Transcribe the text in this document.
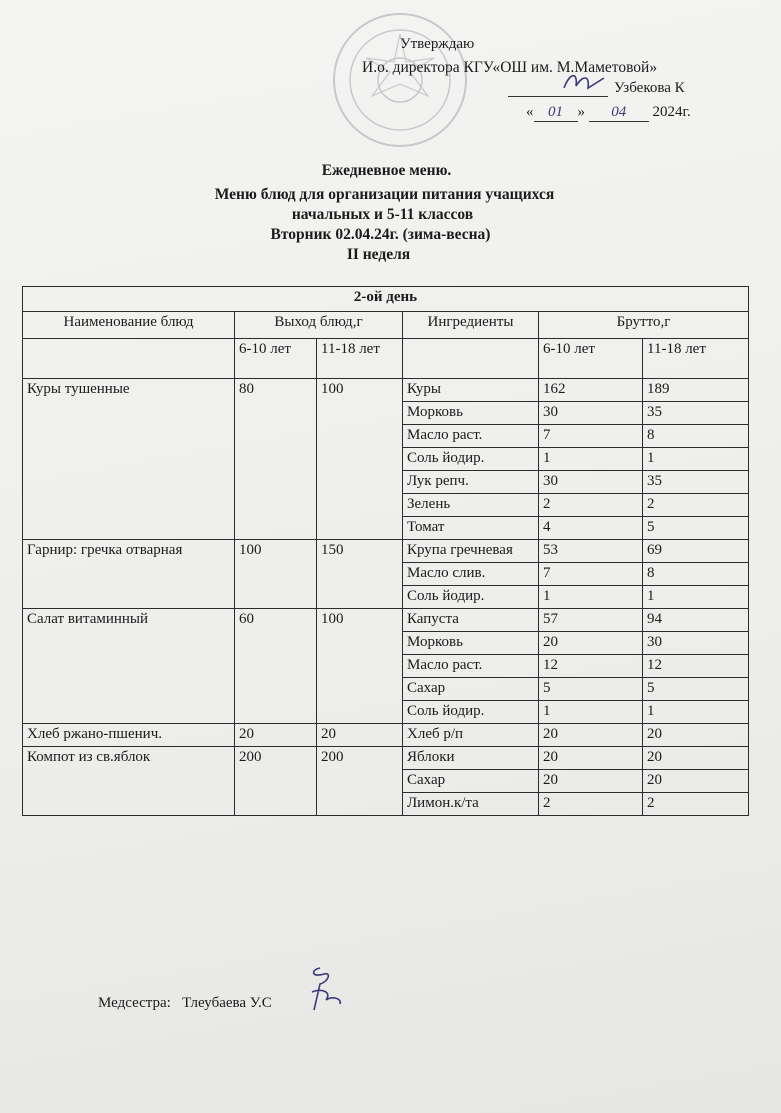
Утверждаю
И.о. директора КГУ«ОШ им. М.Маметовой»
Узбекова К
« 01 » 04 2024г.
Ежедневное меню.
Меню блюд для организации питания учащихся
начальных и 5-11 классов
Вторник 02.04.24г. (зима-весна)
II неделя
2-ой день					
Наименование блюд	Выход блюд,г		Ингредиенты	Брутто,г	
	6-10 лет	11-18 лет		6-10 лет	11-18 лет
Куры тушенные	80	100	Куры	162	189
			Морковь	30	35
			Масло раст.	7	8
			Соль йодир.	1	1
			Лук репч.	30	35
			Зелень	2	2
			Томат	4	5
Гарнир: гречка отварная	100	150	Крупа гречневая	53	69
			Масло слив.	7	8
			Соль йодир.	1	1
Салат витаминный	60	100	Капуста	57	94
			Морковь	20	30
			Масло раст.	12	12
			Сахар	5	5
			Соль йодир.	1	1
Хлеб ржано-пшенич.	20	20	Хлеб р/п	20	20
Компот из св.яблок	200	200	Яблоки	20	20
			Сахар	20	20
			Лимон.к/та	2	2
Медсестра: Тлеубаева У.С
